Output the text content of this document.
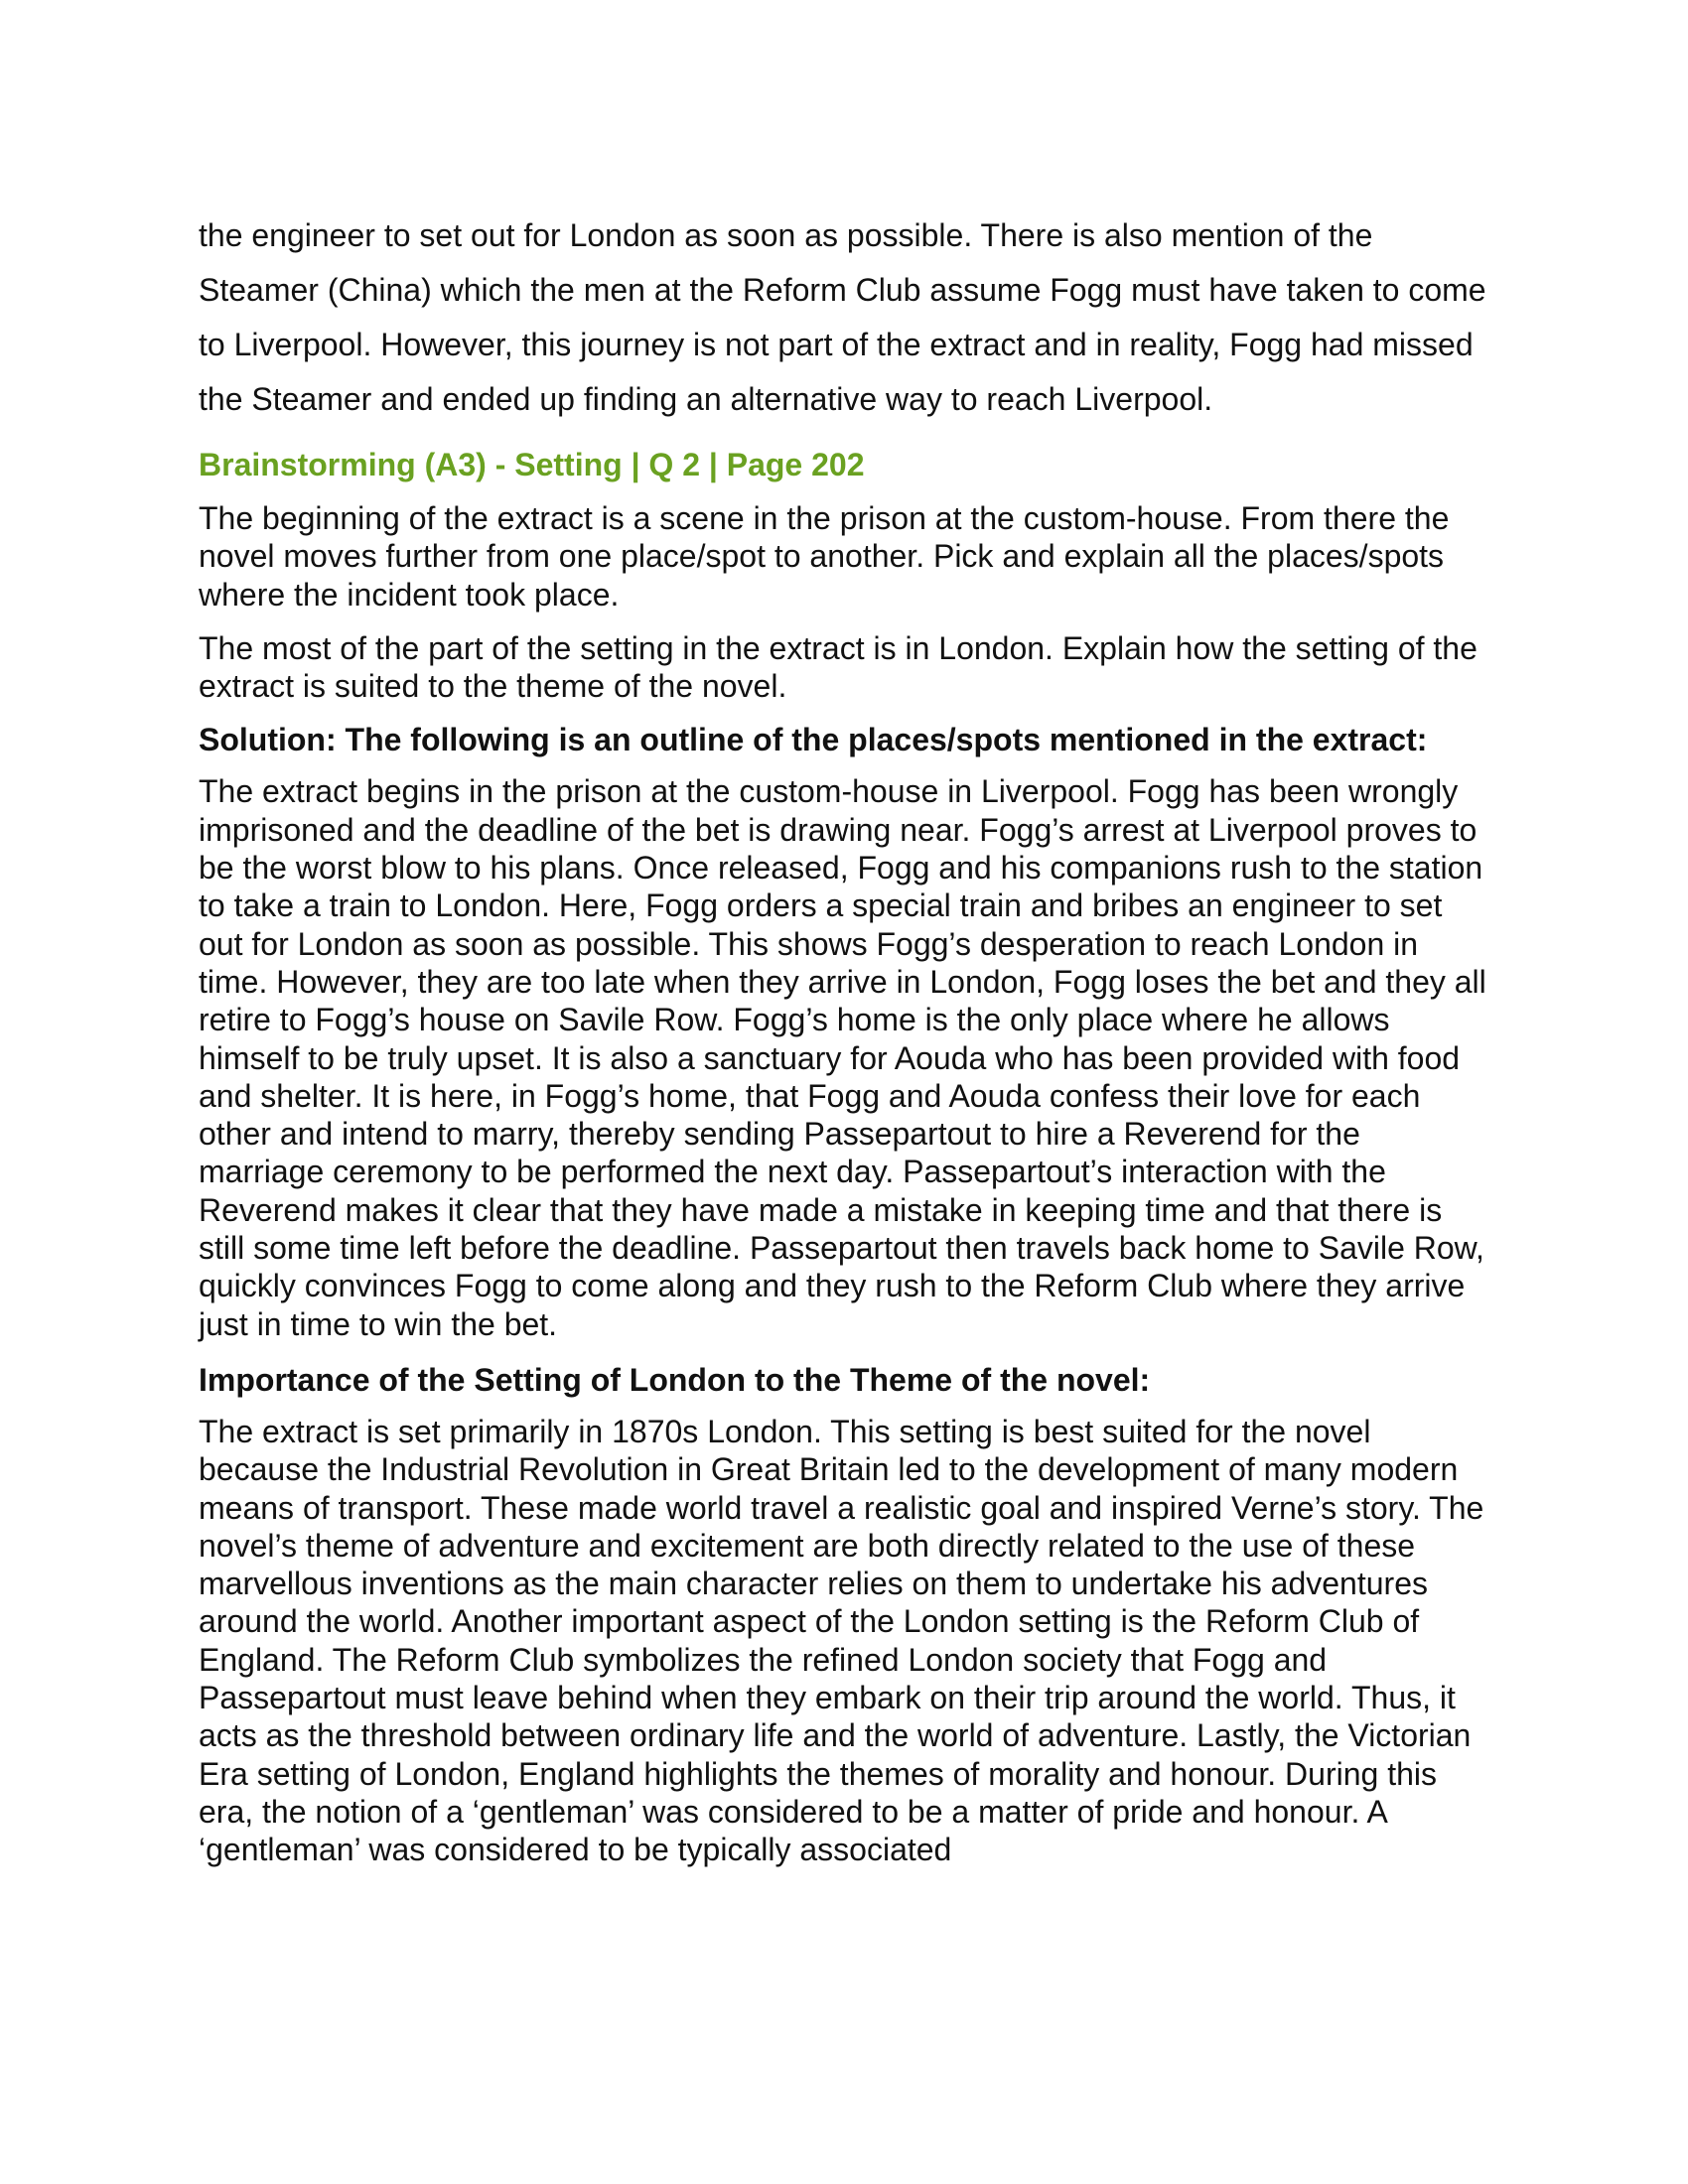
the engineer to set out for London as soon as possible. There is also mention of the Steamer (China) which the men at the Reform Club assume Fogg must have taken to come to Liverpool. However, this journey is not part of the extract and in reality, Fogg had missed the Steamer and ended up finding an alternative way to reach Liverpool.

Brainstorming (A3) - Setting | Q 2 | Page 202

The beginning of the extract is a scene in the prison at the custom-house. From there the novel moves further from one place/spot to another. Pick and explain all the places/spots where the incident took place.

The most of the part of the setting in the extract is in London. Explain how the setting of the extract is suited to the theme of the novel.

Solution: The following is an outline of the places/spots mentioned in the extract:

The extract begins in the prison at the custom-house in Liverpool. Fogg has been wrongly imprisoned and the deadline of the bet is drawing near. Fogg’s arrest at Liverpool proves to be the worst blow to his plans. Once released, Fogg and his companions rush to the station to take a train to London. Here, Fogg orders a special train and bribes an engineer to set out for London as soon as possible. This shows Fogg’s desperation to reach London in time. However, they are too late when they arrive in London, Fogg loses the bet and they all retire to Fogg’s house on Savile Row. Fogg’s home is the only place where he allows himself to be truly upset. It is also a sanctuary for Aouda who has been provided with food and shelter. It is here, in Fogg’s home, that Fogg and Aouda confess their love for each other and intend to marry, thereby sending Passepartout to hire a Reverend for the marriage ceremony to be performed the next day. Passepartout’s interaction with the Reverend makes it clear that they have made a mistake in keeping time and that there is still some time left before the deadline. Passepartout then travels back home to Savile Row, quickly convinces Fogg to come along and they rush to the Reform Club where they arrive just in time to win the bet.

Importance of the Setting of London to the Theme of the novel:

The extract is set primarily in 1870s London. This setting is best suited for the novel because the Industrial Revolution in Great Britain led to the development of many modern means of transport. These made world travel a realistic goal and inspired Verne’s story. The novel’s theme of adventure and excitement are both directly related to the use of these marvellous inventions as the main character relies on them to undertake his adventures around the world. Another important aspect of the London setting is the Reform Club of England. The Reform Club symbolizes the refined London society that Fogg and Passepartout must leave behind when they embark on their trip around the world. Thus, it acts as the threshold between ordinary life and the world of adventure. Lastly, the Victorian Era setting of London, England highlights the themes of morality and honour. During this era, the notion of a ‘gentleman’ was considered to be a matter of pride and honour. A ‘gentleman’ was considered to be typically associated
